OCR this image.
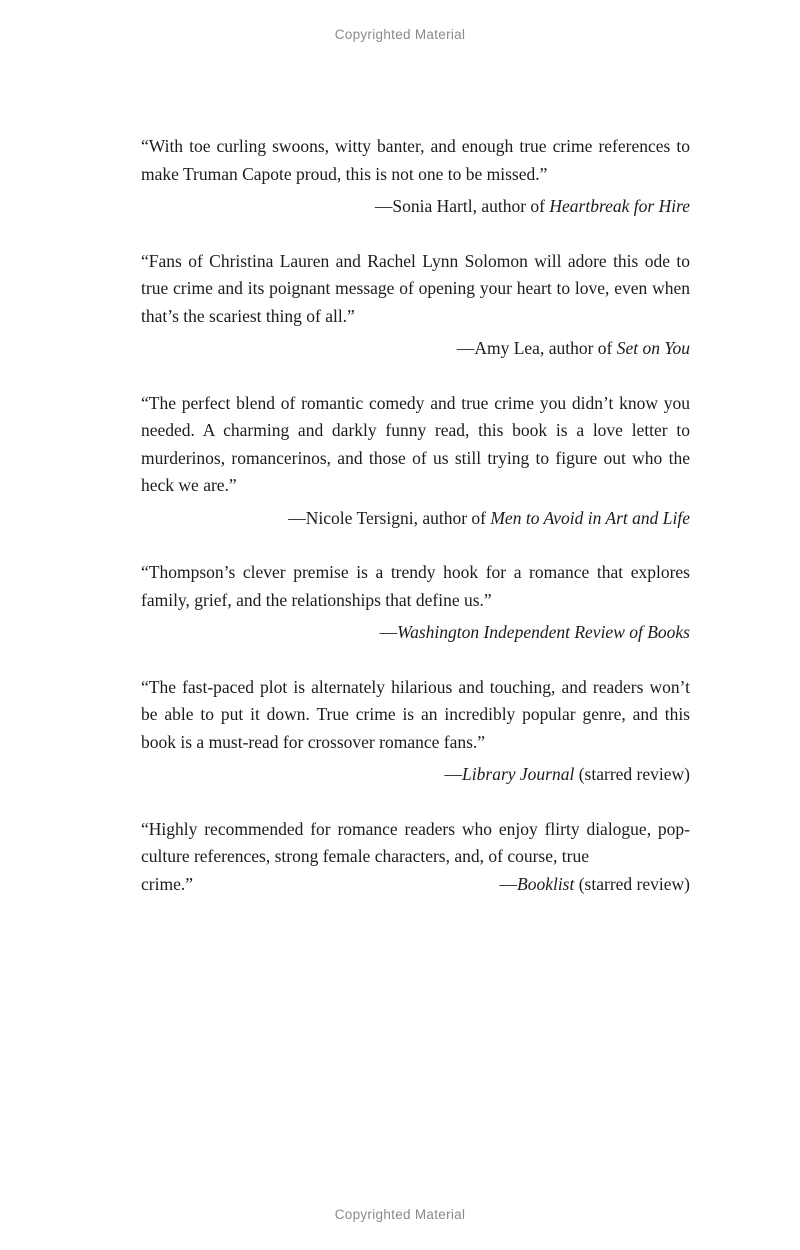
Copyrighted Material

“With toe curling swoons, witty banter, and enough true crime references to make Truman Capote proud, this is not one to be missed.”

—Sonia Hartl, author of Heartbreak for Hire

“Fans of Christina Lauren and Rachel Lynn Solomon will adore this ode to true crime and its poignant message of opening your heart to love, even when that’s the scariest thing of all.”

—Amy Lea, author of Set on You

“The perfect blend of romantic comedy and true crime you didn’t know you needed. A charming and darkly funny read, this book is a love letter to murderinos, romancerinos, and those of us still trying to figure out who the heck we are.”

—Nicole Tersigni, author of Men to Avoid in Art and Life

“Thompson’s clever premise is a trendy hook for a romance that explores family, grief, and the relationships that define us.”

—Washington Independent Review of Books

“The fast-paced plot is alternately hilarious and touching, and readers won’t be able to put it down. True crime is an incredibly popular genre, and this book is a must-read for crossover romance fans.”

—Library Journal (starred review)

“Highly recommended for romance readers who enjoy flirty dialogue, pop-culture references, strong female characters, and, of course, true

crime.”	—Booklist (starred review)
Copyrighted Material
